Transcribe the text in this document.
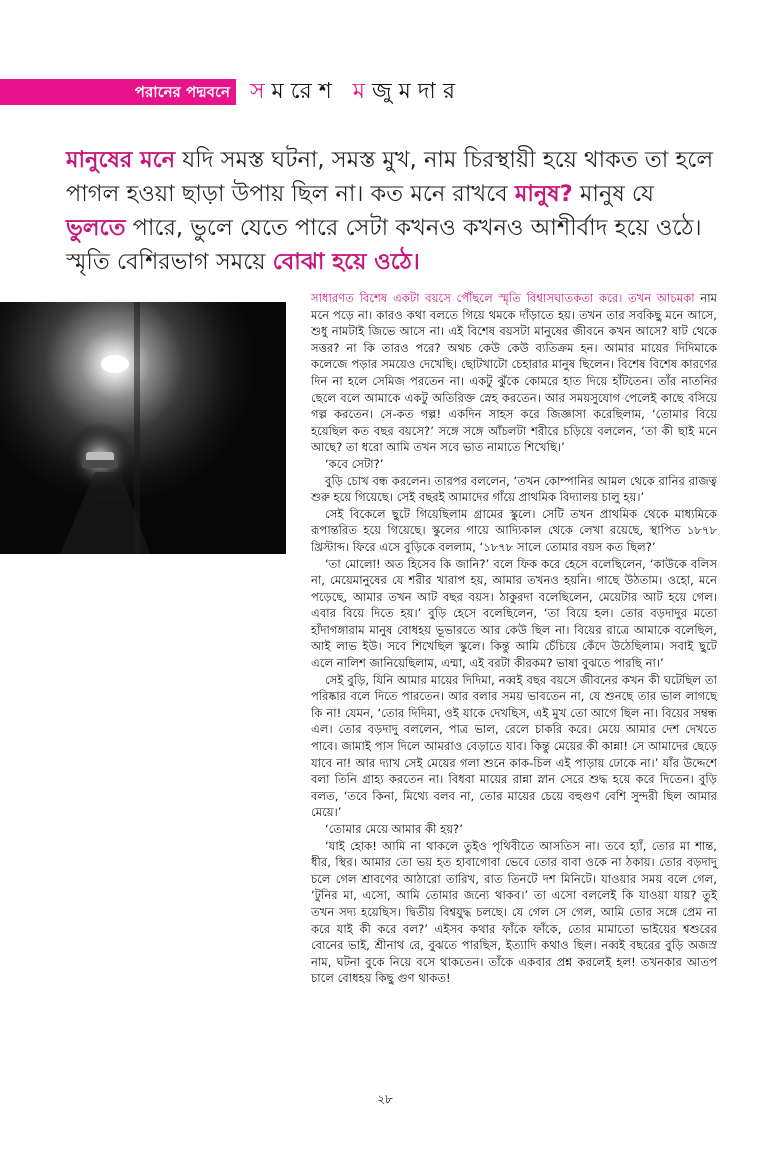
পরানের পদ্মবনে সমরেশ মজুমদার
মানুষের মনে যদি সমস্ত ঘটনা, সমস্ত মুখ, নাম চিরস্থায়ী হয়ে থাকত তা হলে পাগল হওয়া ছাড়া উপায় ছিল না। কত মনে রাখবে মানুষ? মানুষ যে ভুলতে পারে, ভুলে যেতে পারে সেটা কখনও কখনও আশীর্বাদ হয়ে ওঠে। স্মৃতি বেশিরভাগ সময়ে বোঝা হয়ে ওঠে।

সাধারণত বিশেষ একটা বয়সে পৌঁছলে স্মৃতি বিশ্বাসঘাতকতা করে। তখন আচমকা নাম মনে পড়ে না। কারও কথা বলতে গিয়ে থমকে দাঁড়াতে হয়। তখন তার সবকিছু মনে আসে, শুধু নামটাই জিভে আসে না। এই বিশেষ বয়সটা মানুষের জীবনে কখন আসে? ষাট থেকে সত্তর? না কি তারও পরে? অথচ কেউ কেউ ব্যতিক্রম হন। আমার মায়ের দিদিমাকে কলেজে পড়ার সময়েও দেখেছি। ছোটখাটো চেহারার মানুষ ছিলেন। বিশেষ বিশেষ কারণের দিন না হলে সেমিজ পরতেন না। একটু ঝুঁকে কোমরে হাত দিয়ে হাঁটতেন। তাঁর নাতনির ছেলে বলে আমাকে একটু অতিরিক্ত স্নেহ করতেন। আর সময়সুযোগ পেলেই কাছে বসিয়ে গল্প করতেন। সে-কত গল্প! একদিন সাহস করে জিজ্ঞাসা করেছিলাম, ‘তোমার বিয়ে হয়েছিল কত বছর বয়সে?’ সঙ্গে সঙ্গে আঁচলটা শরীরে চড়িয়ে বললেন, ‘তা কী ছাই মনে আছে? তা ধরো আমি তখন সবে ভাত নামাতে শিখেছি।’

‘কবে সেটা?’

বুড়ি চোখ বন্ধ করলেন। তারপর বললেন, ‘তখন কোম্পানির আমল থেকে রানির রাজত্ব শুরু হয়ে গিয়েছে। সেই বছরই আমাদের গাঁয়ে প্রাথমিক বিদ্যালয় চালু হয়।’

সেই বিকেলে ছুটে গিয়েছিলাম গ্রামের স্কুলে। সেটি তখন প্রাথমিক থেকে মাধ্যমিকে রূপান্তরিত হয়ে গিয়েছে। স্কুলের গায়ে আদ্যিকাল থেকে লেখা রয়েছে, স্থাপিত ১৮৭৮ খ্রিস্টাব্দ। ফিরে এসে বুড়িকে বললাম, ‘১৮৭৮ সালে তোমার বয়স কত ছিল?’

‘তা মোলো! অত হিসেব কি জানি?’ বলে ফিক করে হেসে বলেছিলেন, ‘কাউকে বলিস না, মেয়েমানুষের যে শরীর খারাপ হয়, আমার তখনও হয়নি। গাছে উঠতাম। ওহো, মনে পড়েছে, আমার তখন আট বছর বয়স। ঠাকুরদা বলেছিলেন, মেয়েটার আট হয়ে গেল। এবার বিয়ে দিতে হয়।’ বুড়ি হেসে বলেছিলেন, ‘তা বিয়ে হল। তোর বড়দাদুর মতো হাঁদাগঙ্গারাম মানুষ বোধহয় ভূভারতে আর কেউ ছিল না। বিয়ের রাত্রে আমাকে বলেছিল, আই লাভ ইউ। সবে শিখেছিল স্কুলে। কিন্তু আমি চেঁচিয়ে কেঁদে উঠেছিলাম। সবাই ছুটে এলে নালিশ জানিয়েছিলাম, এম্মা, এই বরটা কীরকম? ভাষা বুঝতে পারছি না।’

সেই বুড়ি, যিনি আমার মায়ের দিদিমা, নব্বই বছর বয়সে জীবনের কখন কী ঘটেছিল তা পরিষ্কার বলে দিতে পারতেন। আর বলার সময় ভাবতেন না, যে শুনছে তার ভাল লাগছে কি না! যেমন, ‘তোর দিদিমা, ওই যাকে দেখছিস, এই মুখ তো আগে ছিল না। বিয়ের সম্বন্ধ এল। তোর বড়দাদু বললেন, পাত্র ভাল, রেলে চাকরি করে। মেয়ে আমার দেশ দেখতে পাবে। জামাই পাস দিলে আমরাও বেড়াতে যাব। কিন্তু মেয়ের কী কান্না! সে আমাদের ছেড়ে যাবে না! আর দ্যাখ সেই মেয়ের গলা শুনে কাক-চিল এই পাড়ায় ঢোকে না।’ যাঁর উদ্দেশে বলা তিনি গ্রাহ্য করতেন না। বিধবা মায়ের রান্না স্নান সেরে শুদ্ধ হয়ে করে দিতেন। বুড়ি বলত, ‘তবে কিনা, মিথ্যে বলব না, তোর মায়ের চেয়ে বহুগুণ বেশি সুন্দরী ছিল আমার মেয়ে।’

‘তোমার মেয়ে আমার কী হয়?’

‘যাই হোক! আমি না থাকলে তুইও পৃথিবীতে আসতিস না। তবে হ্যাঁ, তোর মা শান্ত, ধীর, স্থির। আমার তো ভয় হত হাবাগোবা ভেবে তোর বাবা ওকে না ঠকায়। তোর বড়দাদু চলে গেল শ্রাবণের আঠারো তারিখ, রাত তিনটে দশ মিনিটে। যাওয়ার সময় বলে গেল, ‘টুনির মা, এসো, আমি তোমার জন্যে থাকব।’ তা এসো বললেই কি যাওয়া যায়? তুই তখন সদ্য হয়েছিস। দ্বিতীয় বিশ্বযুদ্ধ চলছে। যে গেল সে গেল, আমি তোর সঙ্গে প্রেম না করে যাই কী করে বল?’ এইসব কথার ফাঁকে ফাঁকে, তোর মামাতো ভাইয়ের শ্বশুরের বোনের ভাই, শ্রীনাথ রে, বুঝতে পারছিস, ইত্যাদি কথাও ছিল। নব্বই বছরের বুড়ি অজস্র নাম, ঘটনা বুকে নিয়ে বসে থাকতেন। তাঁকে একবার প্রশ্ন করলেই হল! তখনকার আতপ চালে বোধহয় কিছু গুণ থাকত!

২৮
